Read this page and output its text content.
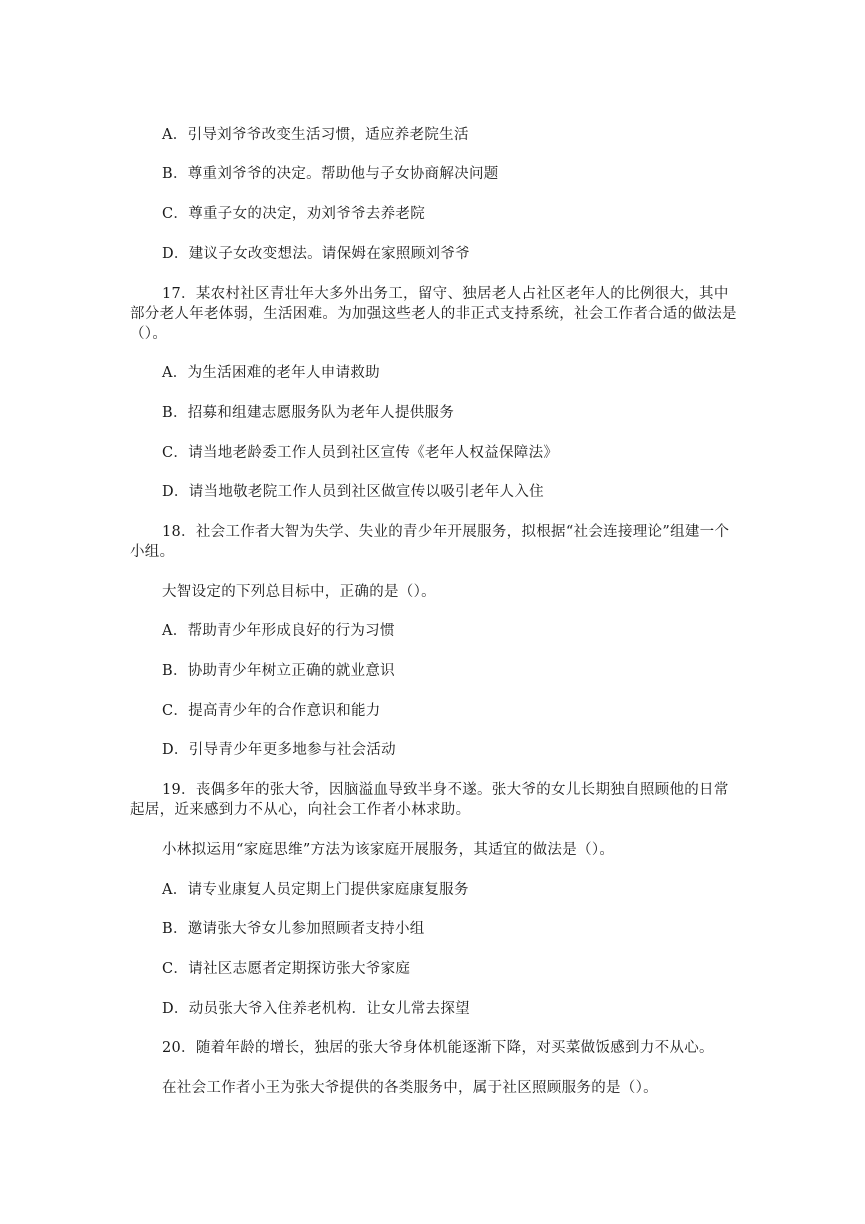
A．引导刘爷爷改变生活习惯，适应养老院生活
B．尊重刘爷爷的决定。帮助他与子女协商解决问题
C．尊重子女的决定，劝刘爷爷去养老院
D．建议子女改变想法。请保姆在家照顾刘爷爷
17．某农村社区青壮年大多外出务工，留守、独居老人占社区老年人的比例很大，其中部分老人年老体弱，生活困难。为加强这些老人的非正式支持系统，社会工作者合适的做法是（）。
A．为生活困难的老年人申请救助
B．招募和组建志愿服务队为老年人提供服务
C．请当地老龄委工作人员到社区宣传《老年人权益保障法》
D．请当地敬老院工作人员到社区做宣传以吸引老年人入住
18．社会工作者大智为失学、失业的青少年开展服务，拟根据“社会连接理论”组建一个小组。
大智设定的下列总目标中，正确的是（）。
A．帮助青少年形成良好的行为习惯
B．协助青少年树立正确的就业意识
C．提高青少年的合作意识和能力
D．引导青少年更多地参与社会活动
19．丧偶多年的张大爷，因脑溢血导致半身不遂。张大爷的女儿长期独自照顾他的日常起居，近来感到力不从心，向社会工作者小林求助。
小林拟运用“家庭思维”方法为该家庭开展服务，其适宜的做法是（）。
A．请专业康复人员定期上门提供家庭康复服务
B．邀请张大爷女儿参加照顾者支持小组
C．请社区志愿者定期探访张大爷家庭
D．动员张大爷入住养老机构．让女儿常去探望
20．随着年龄的增长，独居的张大爷身体机能逐渐下降，对买菜做饭感到力不从心。
在社会工作者小王为张大爷提供的各类服务中，属于社区照顾服务的是（）。
